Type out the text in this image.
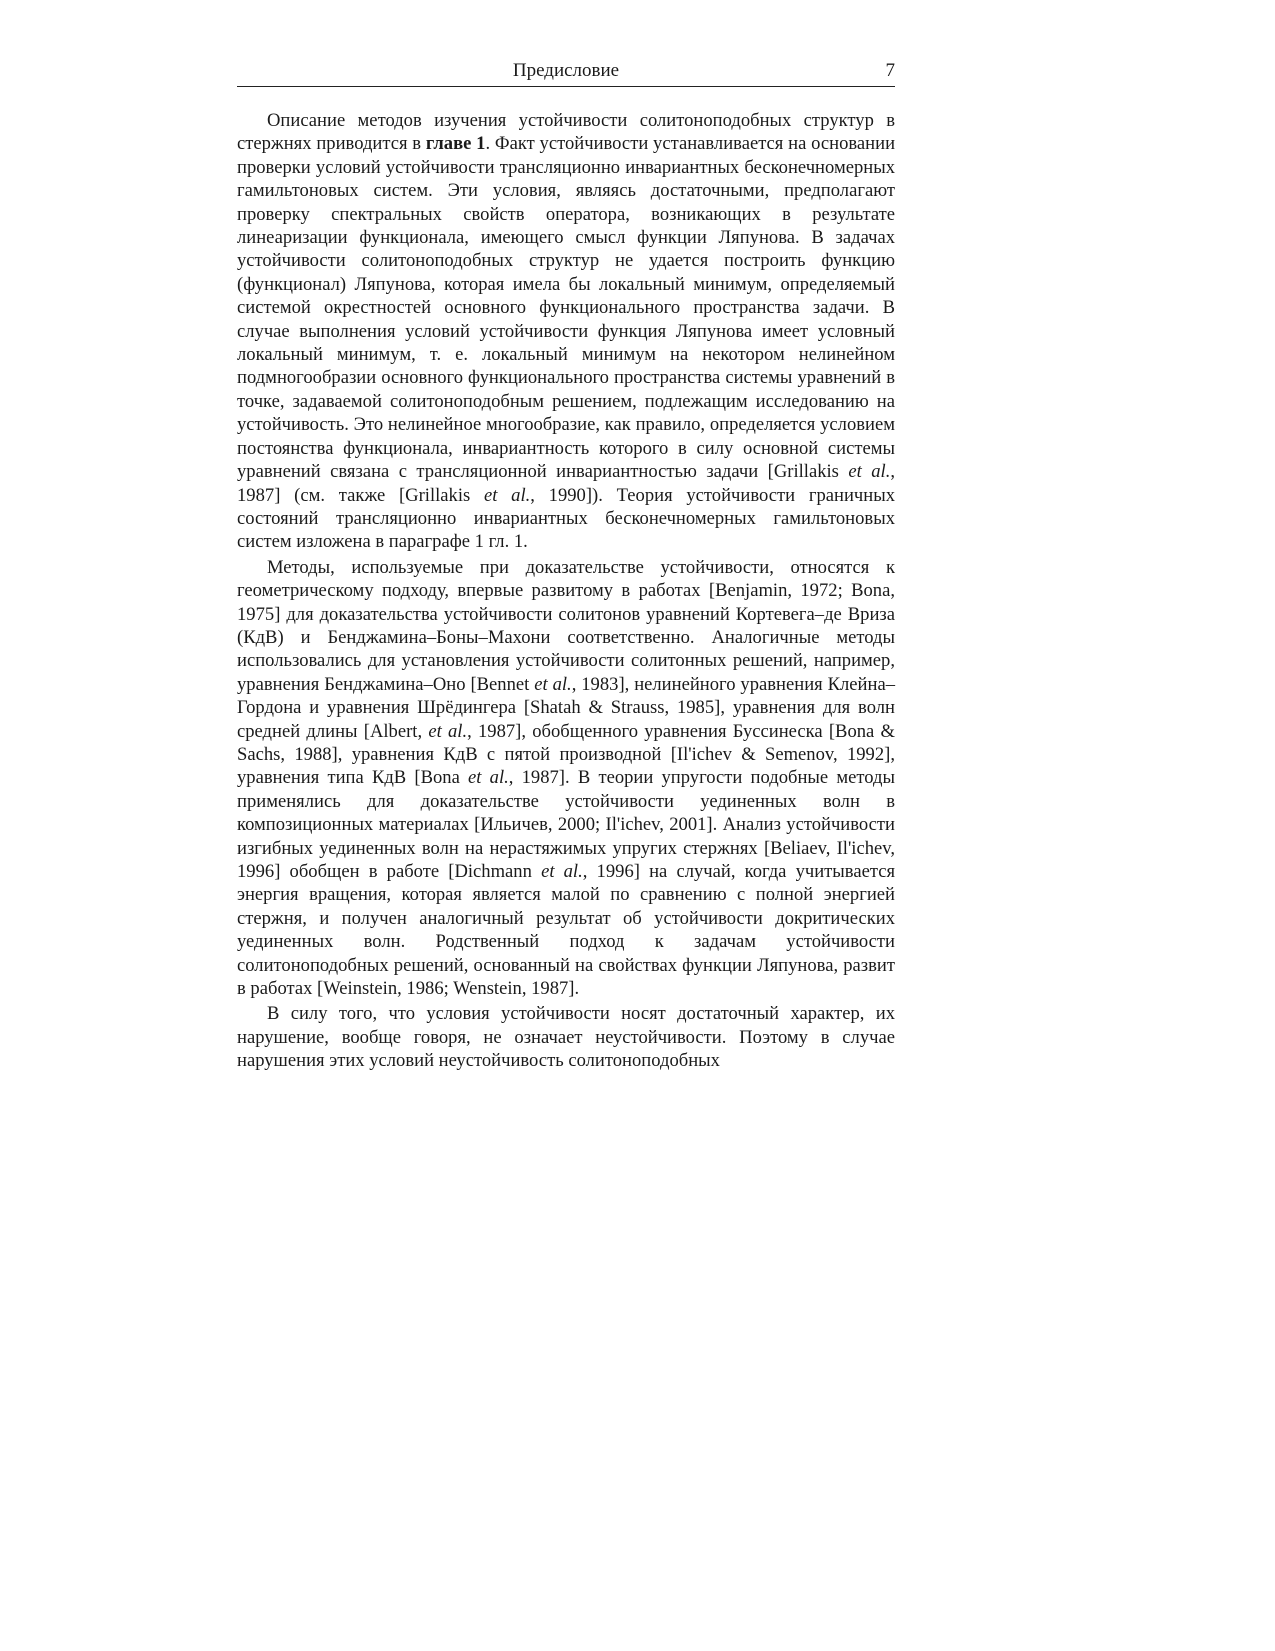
Предисловие	7

Описание методов изучения устойчивости солитоноподобных структур в стержнях приводится в главе 1. Факт устойчивости устанавливается на основании проверки условий устойчивости трансляционно инвариантных бесконечномерных гамильтоновых систем. Эти условия, являясь достаточными, предполагают проверку спектральных свойств оператора, возникающих в результате линеаризации функционала, имеющего смысл функции Ляпунова. В задачах устойчивости солитоноподобных структур не удается построить функцию (функционал) Ляпунова, которая имела бы локальный минимум, определяемый системой окрестностей основного функционального пространства задачи. В случае выполнения условий устойчивости функция Ляпунова имеет условный локальный минимум, т. е. локальный минимум на некотором нелинейном подмногообразии основного функционального пространства системы уравнений в точке, задаваемой солитоноподобным решением, подлежащим исследованию на устойчивость. Это нелинейное многообразие, как правило, определяется условием постоянства функционала, инвариантность которого в силу основной системы уравнений связана с трансляционной инвариантностью задачи [Grillakis et al., 1987] (см. также [Grillakis et al., 1990]). Теория устойчивости граничных состояний трансляционно инвариантных бесконечномерных гамильтоновых систем изложена в параграфе 1 гл. 1.

Методы, используемые при доказательстве устойчивости, относятся к геометрическому подходу, впервые развитому в работах [Benjamin, 1972; Bona, 1975] для доказательства устойчивости солитонов уравнений Кортевега–де Вриза (КдВ) и Бенджамина–Боны–Махони соответственно. Аналогичные методы использовались для установления устойчивости солитонных решений, например, уравнения Бенджамина–Оно [Bennet et al., 1983], нелинейного уравнения Клейна–Гордона и уравнения Шрёдингера [Shatah & Strauss, 1985], уравнения для волн средней длины [Albert, et al., 1987], обобщенного уравнения Буссинеска [Bona & Sachs, 1988], уравнения КдВ с пятой производной [Il'ichev & Semenov, 1992], уравнения типа КдВ [Bona et al., 1987]. В теории упругости подобные методы применялись для доказательстве устойчивости уединенных волн в композиционных материалах [Ильичев, 2000; Il'ichev, 2001]. Анализ устойчивости изгибных уединенных волн на нерастяжимых упругих стержнях [Beliaev, Il'ichev, 1996] обобщен в работе [Dichmann et al., 1996] на случай, когда учитывается энергия вращения, которая является малой по сравнению с полной энергией стержня, и получен аналогичный результат об устойчивости докритических уединенных волн. Родственный подход к задачам устойчивости солитоноподобных решений, основанный на свойствах функции Ляпунова, развит в работах [Weinstein, 1986; Wenstein, 1987].

В силу того, что условия устойчивости носят достаточный характер, их нарушение, вообще говоря, не означает неустойчивости. Поэтому в случае нарушения этих условий неустойчивость солитоноподобных
